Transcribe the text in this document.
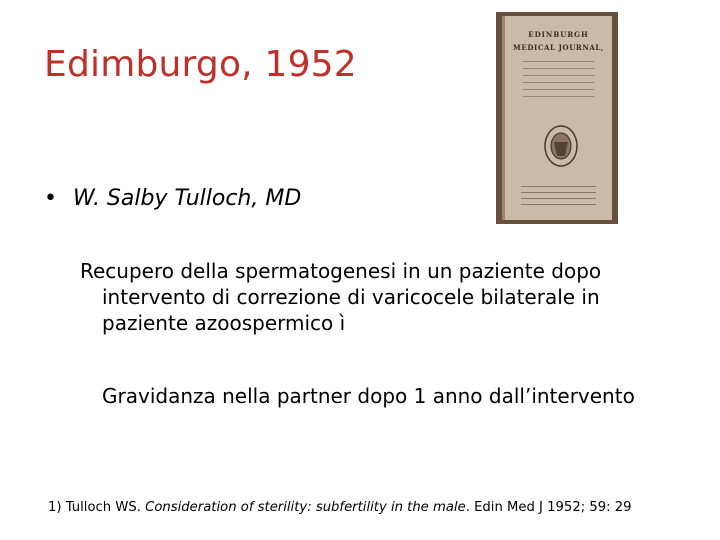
Edimburgo, 1952
EDINBURGH
MEDICAL JOURNAL,
• W. Salby Tulloch, MD
Recupero della spermatogenesi in un paziente dopo
intervento di correzione di varicocele bilaterale in paziente azoospermico ì
Gravidanza nella partner dopo 1 anno dall’intervento
1) Tulloch WS. Consideration of sterility: subfertility in the male. Edin Med J 1952; 59: 29
